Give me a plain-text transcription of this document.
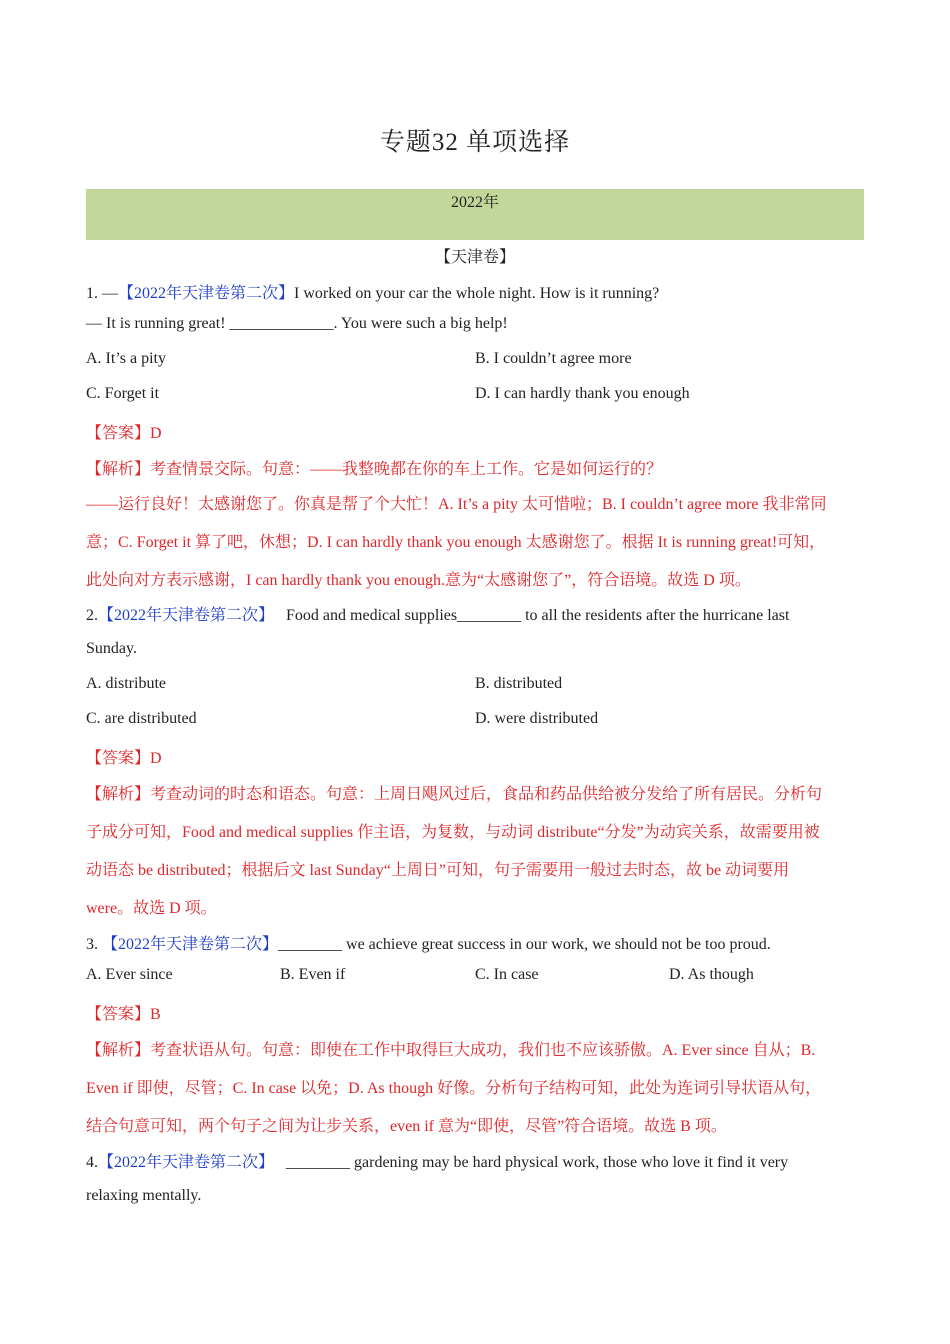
专题32 单项选择
2022年
【天津卷】
1. —【2022年天津卷第二次】I worked on your car the whole night. How is it running?
— It is running great! _____________. You were such a big help!
A. It’s a pity	B. I couldn’t agree more
C. Forget it	D. I can hardly thank you enough
【答案】D
【解析】考查情景交际。句意：——我整晚都在你的车上工作。它是如何运行的？
——运行良好！太感谢您了。你真是帮了个大忙！A. It’s a pity 太可惜啦；B. I couldn’t agree more 我非常同
意；C. Forget it 算了吧，休想；D. I can hardly thank you enough 太感谢您了。根据 It is running great!可知，
此处向对方表示感谢，I can hardly thank you enough.意为“太感谢您了”，符合语境。故选 D 项。
2.【2022年天津卷第二次】 Food and medical supplies________ to all the residents after the hurricane last
Sunday.
A. distribute	B. distributed
C. are distributed	D. were distributed
【答案】D
【解析】考查动词的时态和语态。句意：上周日飓风过后，食品和药品供给被分发给了所有居民。分析句
子成分可知，Food and medical supplies 作主语，为复数，与动词 distribute“分发”为动宾关系，故需要用被
动语态 be distributed；根据后文 last Sunday“上周日”可知，句子需要用一般过去时态，故 be 动词要用
were。故选 D 项。
3. 【2022年天津卷第二次】________ we achieve great success in our work, we should not be too proud.
A. Ever since	B. Even if	C. In case	D. As though
【答案】B
【解析】考查状语从句。句意：即使在工作中取得巨大成功，我们也不应该骄傲。A. Ever since 自从；B.
Even if 即使，尽管；C. In case 以免；D. As though 好像。分析句子结构可知，此处为连词引导状语从句，
结合句意可知，两个句子之间为让步关系，even if 意为“即使，尽管”符合语境。故选 B 项。
4.【2022年天津卷第二次】 ________ gardening may be hard physical work, those who love it find it very
relaxing mentally.
